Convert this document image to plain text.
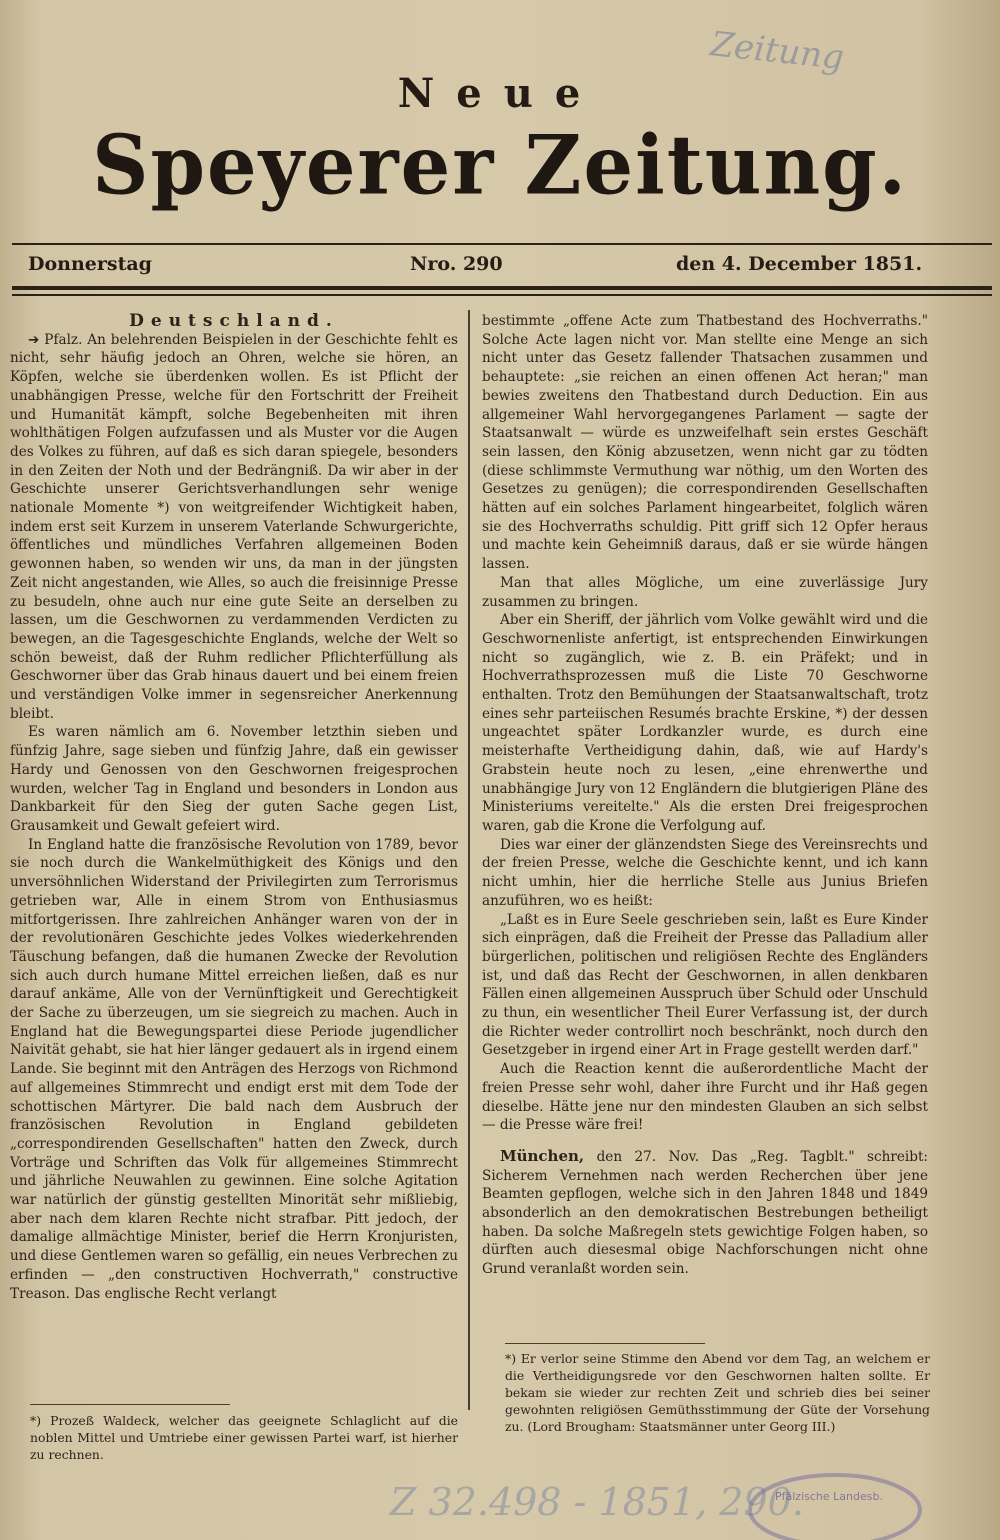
Zeitung
Neue
Speyerer Zeitung.
Donnerstag	Nro. 290	den 4. December 1851.

Deutschland.

➔ Pfalz. An belehrenden Beispielen in der Geschichte fehlt es nicht, sehr häufig jedoch an Ohren, welche sie hören, an Köpfen, welche sie überdenken wollen. Es ist Pflicht der unabhängigen Presse, welche für den Fortschritt der Freiheit und Humanität kämpft, solche Begebenheiten mit ihren wohlthätigen Folgen aufzufassen und als Muster vor die Augen des Volkes zu führen, auf daß es sich daran spiegele, besonders in den Zeiten der Noth und der Bedrängniß. Da wir aber in der Geschichte unserer Gerichtsverhandlungen sehr wenige nationale Momente *) von weitgreifender Wichtigkeit haben, indem erst seit Kurzem in unserem Vaterlande Schwurgerichte, öffentliches und mündliches Verfahren allgemeinen Boden gewonnen haben, so wenden wir uns, da man in der jüngsten Zeit nicht angestanden, wie Alles, so auch die freisinnige Presse zu besudeln, ohne auch nur eine gute Seite an derselben zu lassen, um die Geschwornen zu verdammenden Verdicten zu bewegen, an die Tagesgeschichte Englands, welche der Welt so schön beweist, daß der Ruhm redlicher Pflichterfüllung als Geschworner über das Grab hinaus dauert und bei einem freien und verständigen Volke immer in segensreicher Anerkennung bleibt.

Es waren nämlich am 6. November letzthin sieben und fünfzig Jahre, sage sieben und fünfzig Jahre, daß ein gewisser Hardy und Genossen von den Geschwornen freigesprochen wurden, welcher Tag in England und besonders in London aus Dankbarkeit für den Sieg der guten Sache gegen List, Grausamkeit und Gewalt gefeiert wird.

In England hatte die französische Revolution von 1789, bevor sie noch durch die Wankelmüthigkeit des Königs und den unversöhnlichen Widerstand der Privilegirten zum Terrorismus getrieben war, Alle in einem Strom von Enthusiasmus mitfortgerissen. Ihre zahlreichen Anhänger waren von der in der revolutionären Geschichte jedes Volkes wiederkehrenden Täuschung befangen, daß die humanen Zwecke der Revolution sich auch durch humane Mittel erreichen ließen, daß es nur darauf ankäme, Alle von der Vernünftigkeit und Gerechtigkeit der Sache zu überzeugen, um sie siegreich zu machen. Auch in England hat die Bewegungspartei diese Periode jugendlicher Naivität gehabt, sie hat hier länger gedauert als in irgend einem Lande. Sie beginnt mit den Anträgen des Herzogs von Richmond auf allgemeines Stimmrecht und endigt erst mit dem Tode der schottischen Märtyrer. Die bald nach dem Ausbruch der französischen Revolution in England gebildeten „correspondirenden Gesellschaften" hatten den Zweck, durch Vorträge und Schriften das Volk für allgemeines Stimmrecht und jährliche Neuwahlen zu gewinnen. Eine solche Agitation war natürlich der günstig gestellten Minorität sehr mißliebig, aber nach dem klaren Rechte nicht strafbar. Pitt jedoch, der damalige allmächtige Minister, berief die Herrn Kronjuristen, und diese Gentlemen waren so gefällig, ein neues Verbrechen zu erfinden — „den constructiven Hochverrath," constructive Treason. Das englische Recht verlangt

bestimmte „offene Acte zum Thatbestand des Hochverraths." Solche Acte lagen nicht vor. Man stellte eine Menge an sich nicht unter das Gesetz fallender Thatsachen zusammen und behauptete: „sie reichen an einen offenen Act heran;" man bewies zweitens den Thatbestand durch Deduction. Ein aus allgemeiner Wahl hervorgegangenes Parlament — sagte der Staatsanwalt — würde es unzweifelhaft sein erstes Geschäft sein lassen, den König abzusetzen, wenn nicht gar zu tödten (diese schlimmste Vermuthung war nöthig, um den Worten des Gesetzes zu genügen); die correspondirenden Gesellschaften hätten auf ein solches Parlament hingearbeitet, folglich wären sie des Hochverraths schuldig. Pitt griff sich 12 Opfer heraus und machte kein Geheimniß daraus, daß er sie würde hängen lassen.

Man that alles Mögliche, um eine zuverlässige Jury zusammen zu bringen.

Aber ein Sheriff, der jährlich vom Volke gewählt wird und die Geschwornenliste anfertigt, ist entsprechenden Einwirkungen nicht so zugänglich, wie z. B. ein Präfekt; und in Hochverrathsprozessen muß die Liste 70 Geschworne enthalten. Trotz den Bemühungen der Staatsanwaltschaft, trotz eines sehr parteiischen Resumés brachte Erskine, *) der dessen ungeachtet später Lordkanzler wurde, es durch eine meisterhafte Vertheidigung dahin, daß, wie auf Hardy's Grabstein heute noch zu lesen, „eine ehrenwerthe und unabhängige Jury von 12 Engländern die blutgierigen Pläne des Ministeriums vereitelte." Als die ersten Drei freigesprochen waren, gab die Krone die Verfolgung auf.

Dies war einer der glänzendsten Siege des Vereinsrechts und der freien Presse, welche die Geschichte kennt, und ich kann nicht umhin, hier die herrliche Stelle aus Junius Briefen anzuführen, wo es heißt:

„Laßt es in Eure Seele geschrieben sein, laßt es Eure Kinder sich einprägen, daß die Freiheit der Presse das Palladium aller bürgerlichen, politischen und religiösen Rechte des Engländers ist, und daß das Recht der Geschwornen, in allen denkbaren Fällen einen allgemeinen Ausspruch über Schuld oder Unschuld zu thun, ein wesentlicher Theil Eurer Verfassung ist, der durch die Richter weder controllirt noch beschränkt, noch durch den Gesetzgeber in irgend einer Art in Frage gestellt werden darf."

Auch die Reaction kennt die außerordentliche Macht der freien Presse sehr wohl, daher ihre Furcht und ihr Haß gegen dieselbe. Hätte jene nur den mindesten Glauben an sich selbst — die Presse wäre frei!

München, den 27. Nov. Das „Reg. Tagblt." schreibt: Sicherem Vernehmen nach werden Recherchen über jene Beamten gepflogen, welche sich in den Jahren 1848 und 1849 absonderlich an den demokratischen Bestrebungen betheiligt haben. Da solche Maßregeln stets gewichtige Folgen haben, so dürften auch diesesmal obige Nachforschungen nicht ohne Grund veranlaßt worden sein.

*) Prozeß Waldeck, welcher das geeignete Schlaglicht auf die noblen Mittel und Umtriebe einer gewissen Partei warf, ist hierher zu rechnen.

*) Er verlor seine Stimme den Abend vor dem Tag, an welchem er die Vertheidigungsrede vor den Geschwornen halten sollte. Er bekam sie wieder zur rechten Zeit und schrieb dies bei seiner gewohnten religiösen Gemüthsstimmung der Güte der Vorsehung zu. (Lord Brougham: Staatsmänner unter Georg III.)

Z 32.498 - 1851, 290.
Pfälzische Landesb.
